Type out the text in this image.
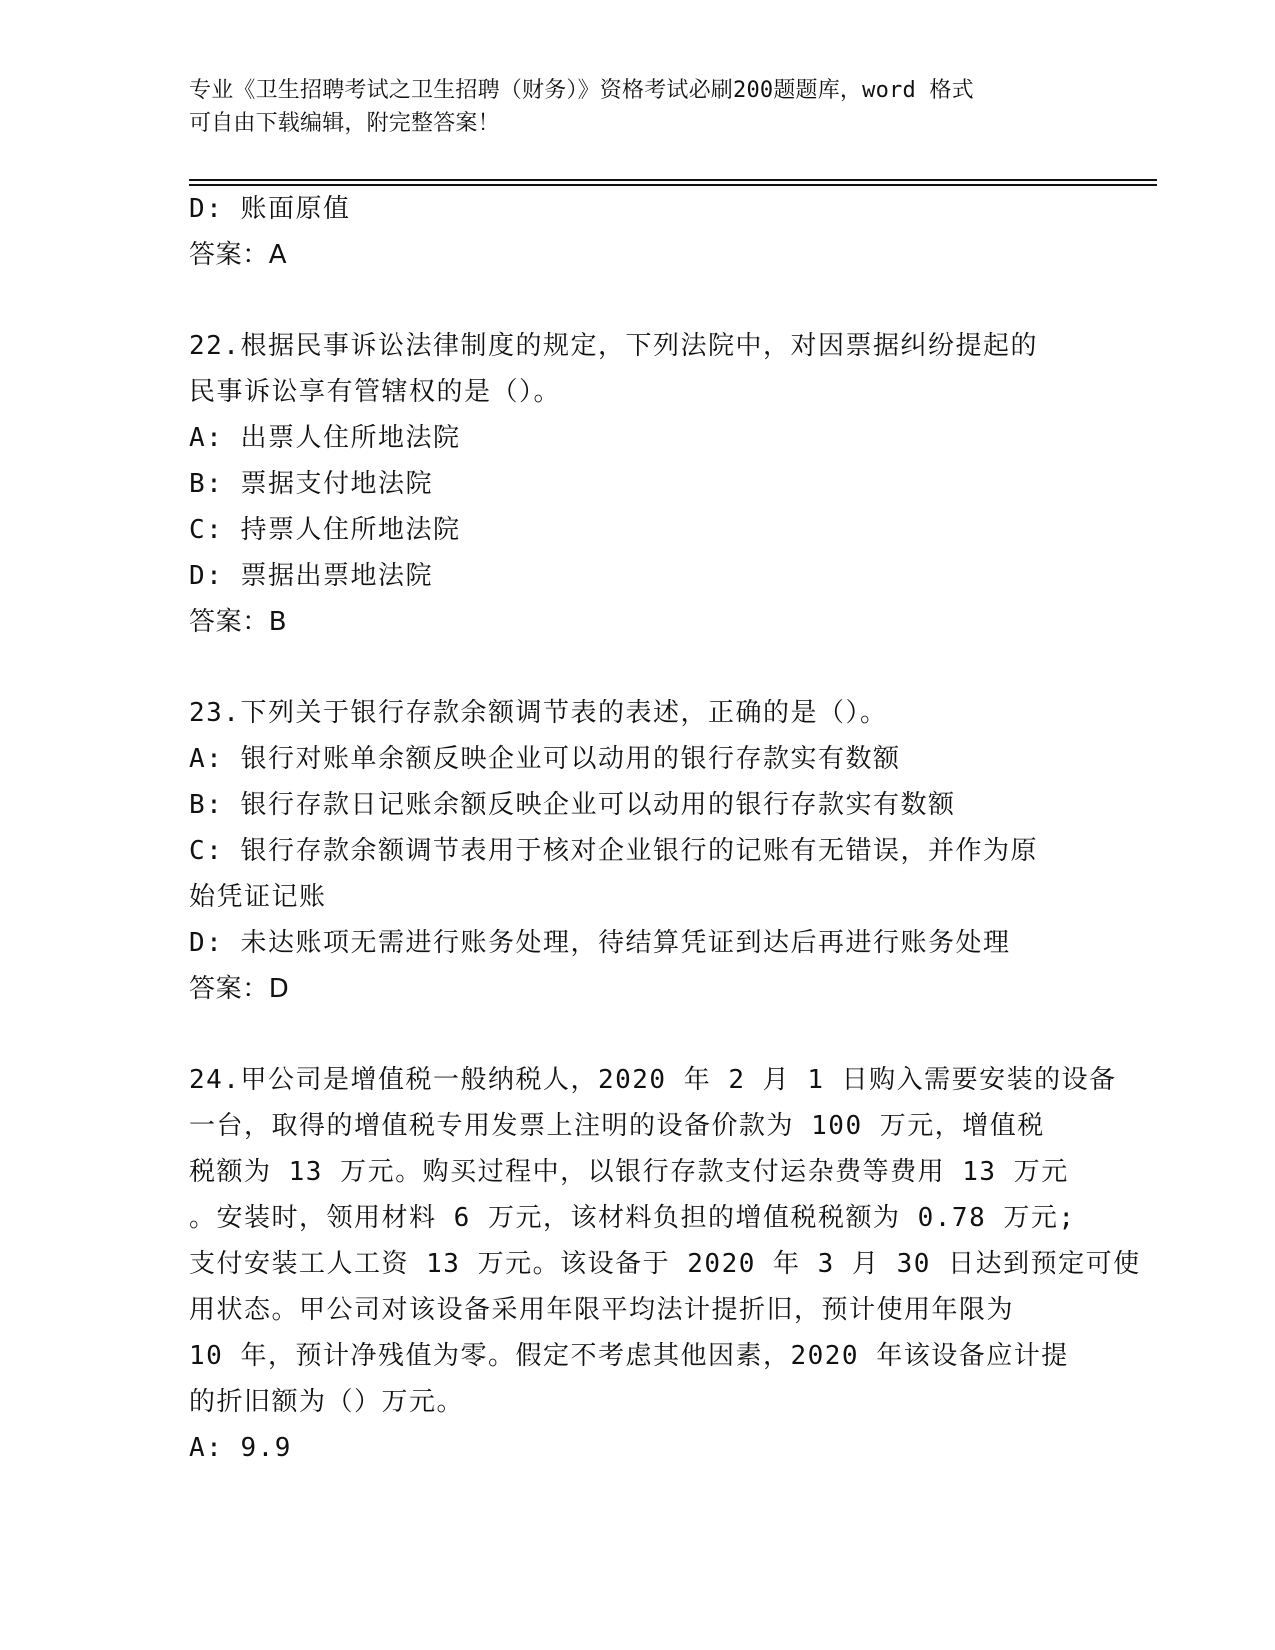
专业《卫生招聘考试之卫生招聘（财务）》资格考试必刷200题题库，word 格式
可自由下载编辑，附完整答案！
D: 账面原值
答案：A
22.根据民事诉讼法律制度的规定，下列法院中，对因票据纠纷提起的
民事诉讼享有管辖权的是（）。
A: 出票人住所地法院
B: 票据支付地法院
C: 持票人住所地法院
D: 票据出票地法院
答案：B
23.下列关于银行存款余额调节表的表述，正确的是（）。
A: 银行对账单余额反映企业可以动用的银行存款实有数额
B: 银行存款日记账余额反映企业可以动用的银行存款实有数额
C: 银行存款余额调节表用于核对企业银行的记账有无错误，并作为原
始凭证记账
D: 未达账项无需进行账务处理，待结算凭证到达后再进行账务处理
答案：D
24.甲公司是增值税一般纳税人，2020 年 2 月 1 日购入需要安装的设备
一台，取得的增值税专用发票上注明的设备价款为 100 万元，增值税
税额为 13 万元。购买过程中，以银行存款支付运杂费等费用 13 万元
。安装时，领用材料 6 万元，该材料负担的增值税税额为 0.78 万元;
支付安装工人工资 13 万元。该设备于 2020 年 3 月 30 日达到预定可使
用状态。甲公司对该设备采用年限平均法计提折旧，预计使用年限为
10 年，预计净残值为零。假定不考虑其他因素，2020 年该设备应计提
的折旧额为（）万元。
A: 9.9
